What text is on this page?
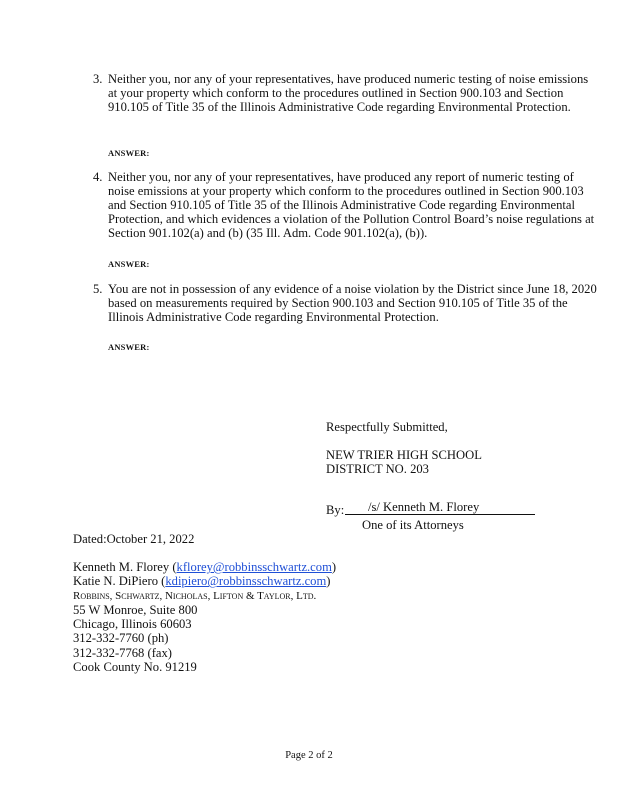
3. Neither you, nor any of your representatives, have produced numeric testing of noise emissions at your property which conform to the procedures outlined in Section 900.103 and Section 910.105 of Title 35 of the Illinois Administrative Code regarding Environmental Protection.
ANSWER:
4. Neither you, nor any of your representatives, have produced any report of numeric testing of noise emissions at your property which conform to the procedures outlined in Section 900.103 and Section 910.105 of Title 35 of the Illinois Administrative Code regarding Environmental Protection, and which evidences a violation of the Pollution Control Board’s noise regulations at Section 901.102(a) and (b) (35 Ill. Adm. Code 901.102(a), (b)).
ANSWER:
5. You are not in possession of any evidence of a noise violation by the District since June 18, 2020 based on measurements required by Section 900.103 and Section 910.105 of Title 35 of the Illinois Administrative Code regarding Environmental Protection.
ANSWER:
Respectfully Submitted,
NEW TRIER HIGH SCHOOL
DISTRICT NO. 203
By: /s/ Kenneth M. Florey
One of its Attorneys
Dated:October 21, 2022
Kenneth M. Florey (kflorey@robbinsschwartz.com)
Katie N. DiPiero (kdipiero@robbinsschwartz.com)
Robbins, Schwartz, Nicholas, Lifton & Taylor, Ltd.
55 W Monroe, Suite 800
Chicago, Illinois 60603
312-332-7760 (ph)
312-332-7768 (fax)
Cook County No. 91219
Page 2 of 2
